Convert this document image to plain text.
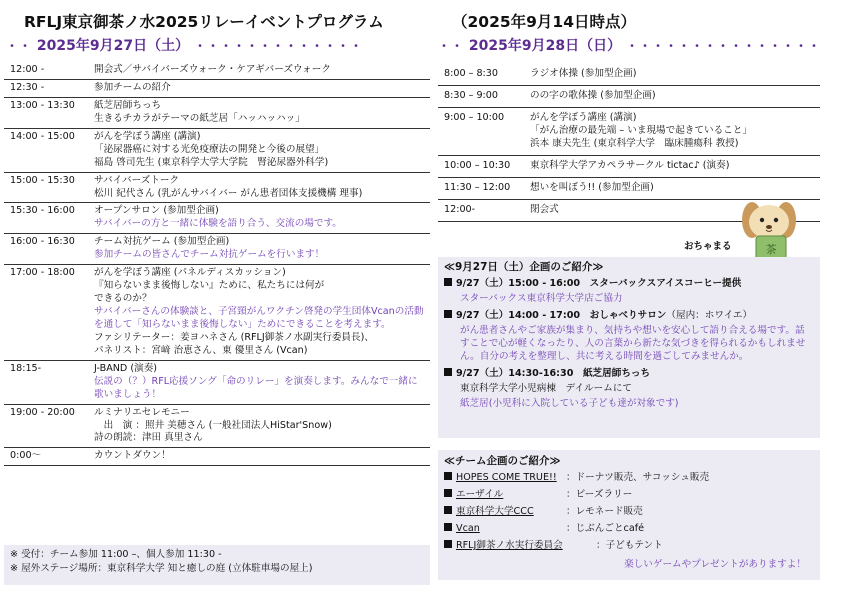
RFLJ東京御茶ノ水2025リレーイベントプログラム	（2025年9月14日時点）
・・ 2025年9月27日（土） ・・・・・・・・・・・・・	・・ 2025年9月28日（日） ・・・・・・・・・・・・・・・
12:00 -	開会式／サバイバーズウォーク・ケアギバーズウォーク
12:30 -	参加チームの紹介
13:00 - 13:30	紙芝居師ちっち
生きるチカラがテーマの紙芝居「ハッハッハッ」
14:00 - 15:00	がんを学ぼう講座 (講演)
「泌尿器癌に対する光免疫療法の開発と今後の展望」
福島 啓司先生 (東京科学大学大学院　腎泌尿器外科学)
15:00 - 15:30	サバイバーズトーク
松川 紀代さん (乳がんサバイバー がん患者団体支援機構 理事)
15:30 - 16:00	オープンサロン (参加型企画)
サバイバーの方と一緒に体験を語り合う、交流の場です。
16:00 - 16:30	チーム対抗ゲーム (参加型企画)
参加チームの皆さんでチーム対抗ゲームを行います！
17:00 - 18:00	がんを学ぼう講座 (パネルディスカッション)
『知らないまま後悔しない』ために、私たちには何が
できるのか？
サバイバーさんの体験談と、子宮頸がんワクチン啓発の学生団体Vcanの活動を通して「知らないまま後悔しない」ためにできることを考えます。
ファシリテーター：姜ヨハネさん (RFLJ御茶ノ水副実行委員長)、
パネリスト：宮﨑 治恵さん、東 優里さん (Vcan)
18:15-	J-BAND (演奏)
伝説の（？）RFL応援ソング「命のリレー」を演奏します。みんなで一緒に歌いましょう！
19:00 - 20:00	ルミナリエセレモニー
　出　演 ：照井 美穂さん (一般社団法人HiStar'Snow)
詩の朗読：津田 真里さん
0:00～	カウントダウン！
※ 受付：チーム参加 11:00 –、個人参加 11:30 -
※ 屋外ステージ場所：東京科学大学 知と癒しの庭 (立体駐車場の屋上)
8:00 – 8:30	ラジオ体操 (参加型企画)
8:30 – 9:00	のの字の歌体操 (参加型企画)
9:00 – 10:00	がんを学ぼう講座 (講演)
「がん治療の最先端 – いま現場で起きていること」
浜本 康夫先生 (東京科学大学　臨床腫瘍科 教授)
10:00 – 10:30	東京科学大学アカペラサークル tictac♪ (演奏)
11:30 – 12:00	想いを叫ぼう!! (参加型企画)
12:00-	閉会式
茶
おちゃまる
≪9月27日（土）企画のご紹介≫
9/27（土）15:00 - 16:00　スターバックスアイスコーヒー提供
スターバックス東京科学大学店ご協力
9/27（土）14:00 - 17:00　おしゃべりサロン（屋内：ホワイエ）
がん患者さんやご家族が集まり、気持ちや想いを安心して語り合える場です。話すことで心が軽くなったり、人の言葉から新たな気づきを得られるかもしれません。自分の考えを整理し、共に考える時間を過ごしてみませんか。
9/27（土）14:30-16:30　紙芝居師ちっち
東京科学大学小児病棟　デイルームにて
紙芝居(小児科に入院している子ども達が対象です)
≪チーム企画のご紹介≫
HOPES COME TRUE!! ：ドーナツ販売、サコッシュ販売
エーザイル	：ビーズラリー
東京科学大学CCC	：レモネード販売
Vcan	：じぶんごとcafé
RFLJ御茶ノ水実行委員会	：子どもテント
楽しいゲームやプレゼントがありますよ！
